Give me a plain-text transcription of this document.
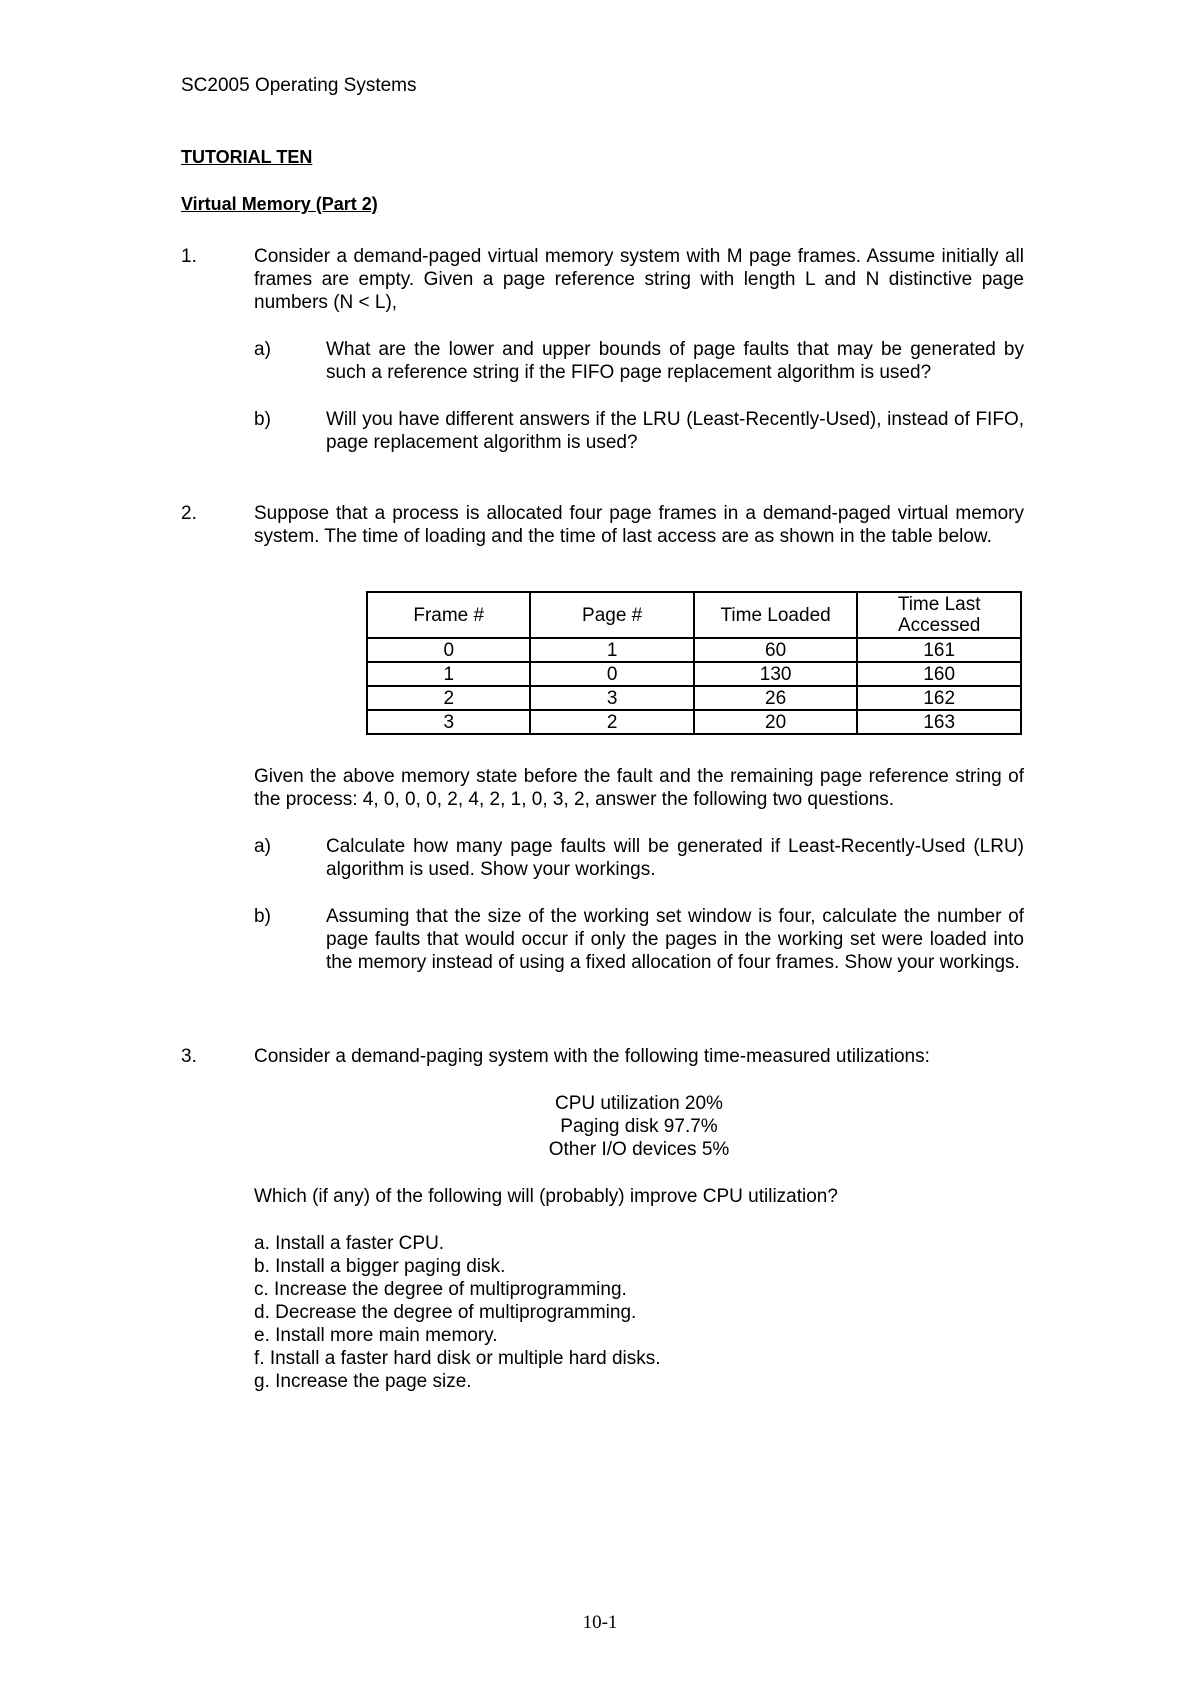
SC2005 Operating Systems
TUTORIAL TEN
Virtual Memory (Part 2)
1.	Consider a demand-paged virtual memory system with M page frames. Assume initially all frames are empty. Given a page reference string with length L and N distinctive page numbers (N < L),
a)	What are the lower and upper bounds of page faults that may be generated by such a reference string if the FIFO page replacement algorithm is used?
b)	Will you have different answers if the LRU (Least-Recently-Used), instead of FIFO, page replacement algorithm is used?
2.	Suppose that a process is allocated four page frames in a demand-paged virtual memory system. The time of loading and the time of last access are as shown in the table below.
Frame #	Page #	Time Loaded	Time Last Accessed
0	1	60	161
1	0	130	160
2	3	26	162
3	2	20	163
Given the above memory state before the fault and the remaining page reference string of the process: 4, 0, 0, 0, 2, 4, 2, 1, 0, 3, 2, answer the following two questions.
a)	Calculate how many page faults will be generated if Least-Recently-Used (LRU) algorithm is used. Show your workings.
b)	Assuming that the size of the working set window is four, calculate the number of page faults that would occur if only the pages in the working set were loaded into the memory instead of using a fixed allocation of four frames. Show your workings.
3.	Consider a demand-paging system with the following time-measured utilizations:
CPU utilization 20%
Paging disk 97.7%
Other I/O devices 5%
Which (if any) of the following will (probably) improve CPU utilization?
a. Install a faster CPU.
b. Install a bigger paging disk.
c. Increase the degree of multiprogramming.
d. Decrease the degree of multiprogramming.
e. Install more main memory.
f. Install a faster hard disk or multiple hard disks.
g. Increase the page size.
10-1
